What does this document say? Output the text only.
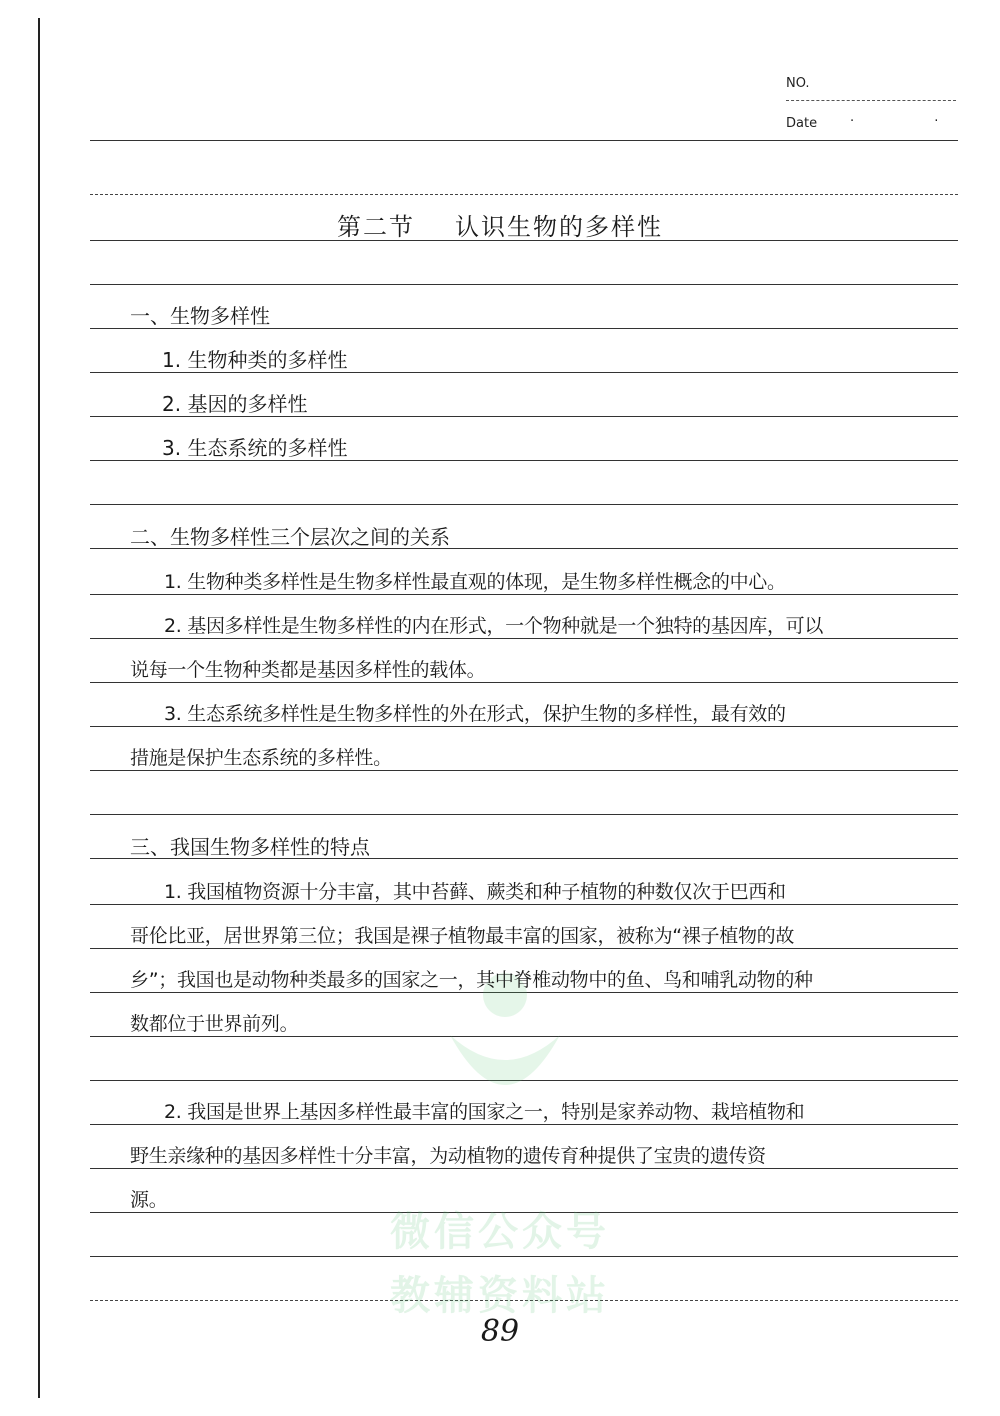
NO.
Date	· ·
微信公众号
教辅资料站
第二节 认识生物的多样性
一、生物多样性
1. 生物种类的多样性
2. 基因的多样性
3. 生态系统的多样性
二、生物多样性三个层次之间的关系
1. 生物种类多样性是生物多样性最直观的体现，是生物多样性概念的中心。
2. 基因多样性是生物多样性的内在形式，一个物种就是一个独特的基因库，可以
说每一个生物种类都是基因多样性的载体。
3. 生态系统多样性是生物多样性的外在形式，保护生物的多样性，最有效的
措施是保护生态系统的多样性。
三、我国生物多样性的特点
1. 我国植物资源十分丰富，其中苔藓、蕨类和种子植物的种数仅次于巴西和
哥伦比亚，居世界第三位；我国是裸子植物最丰富的国家，被称为“裸子植物的故
乡”；我国也是动物种类最多的国家之一，其中脊椎动物中的鱼、鸟和哺乳动物的种
数都位于世界前列。
2. 我国是世界上基因多样性最丰富的国家之一，特别是家养动物、栽培植物和
野生亲缘种的基因多样性十分丰富，为动植物的遗传育种提供了宝贵的遗传资
源。
89
